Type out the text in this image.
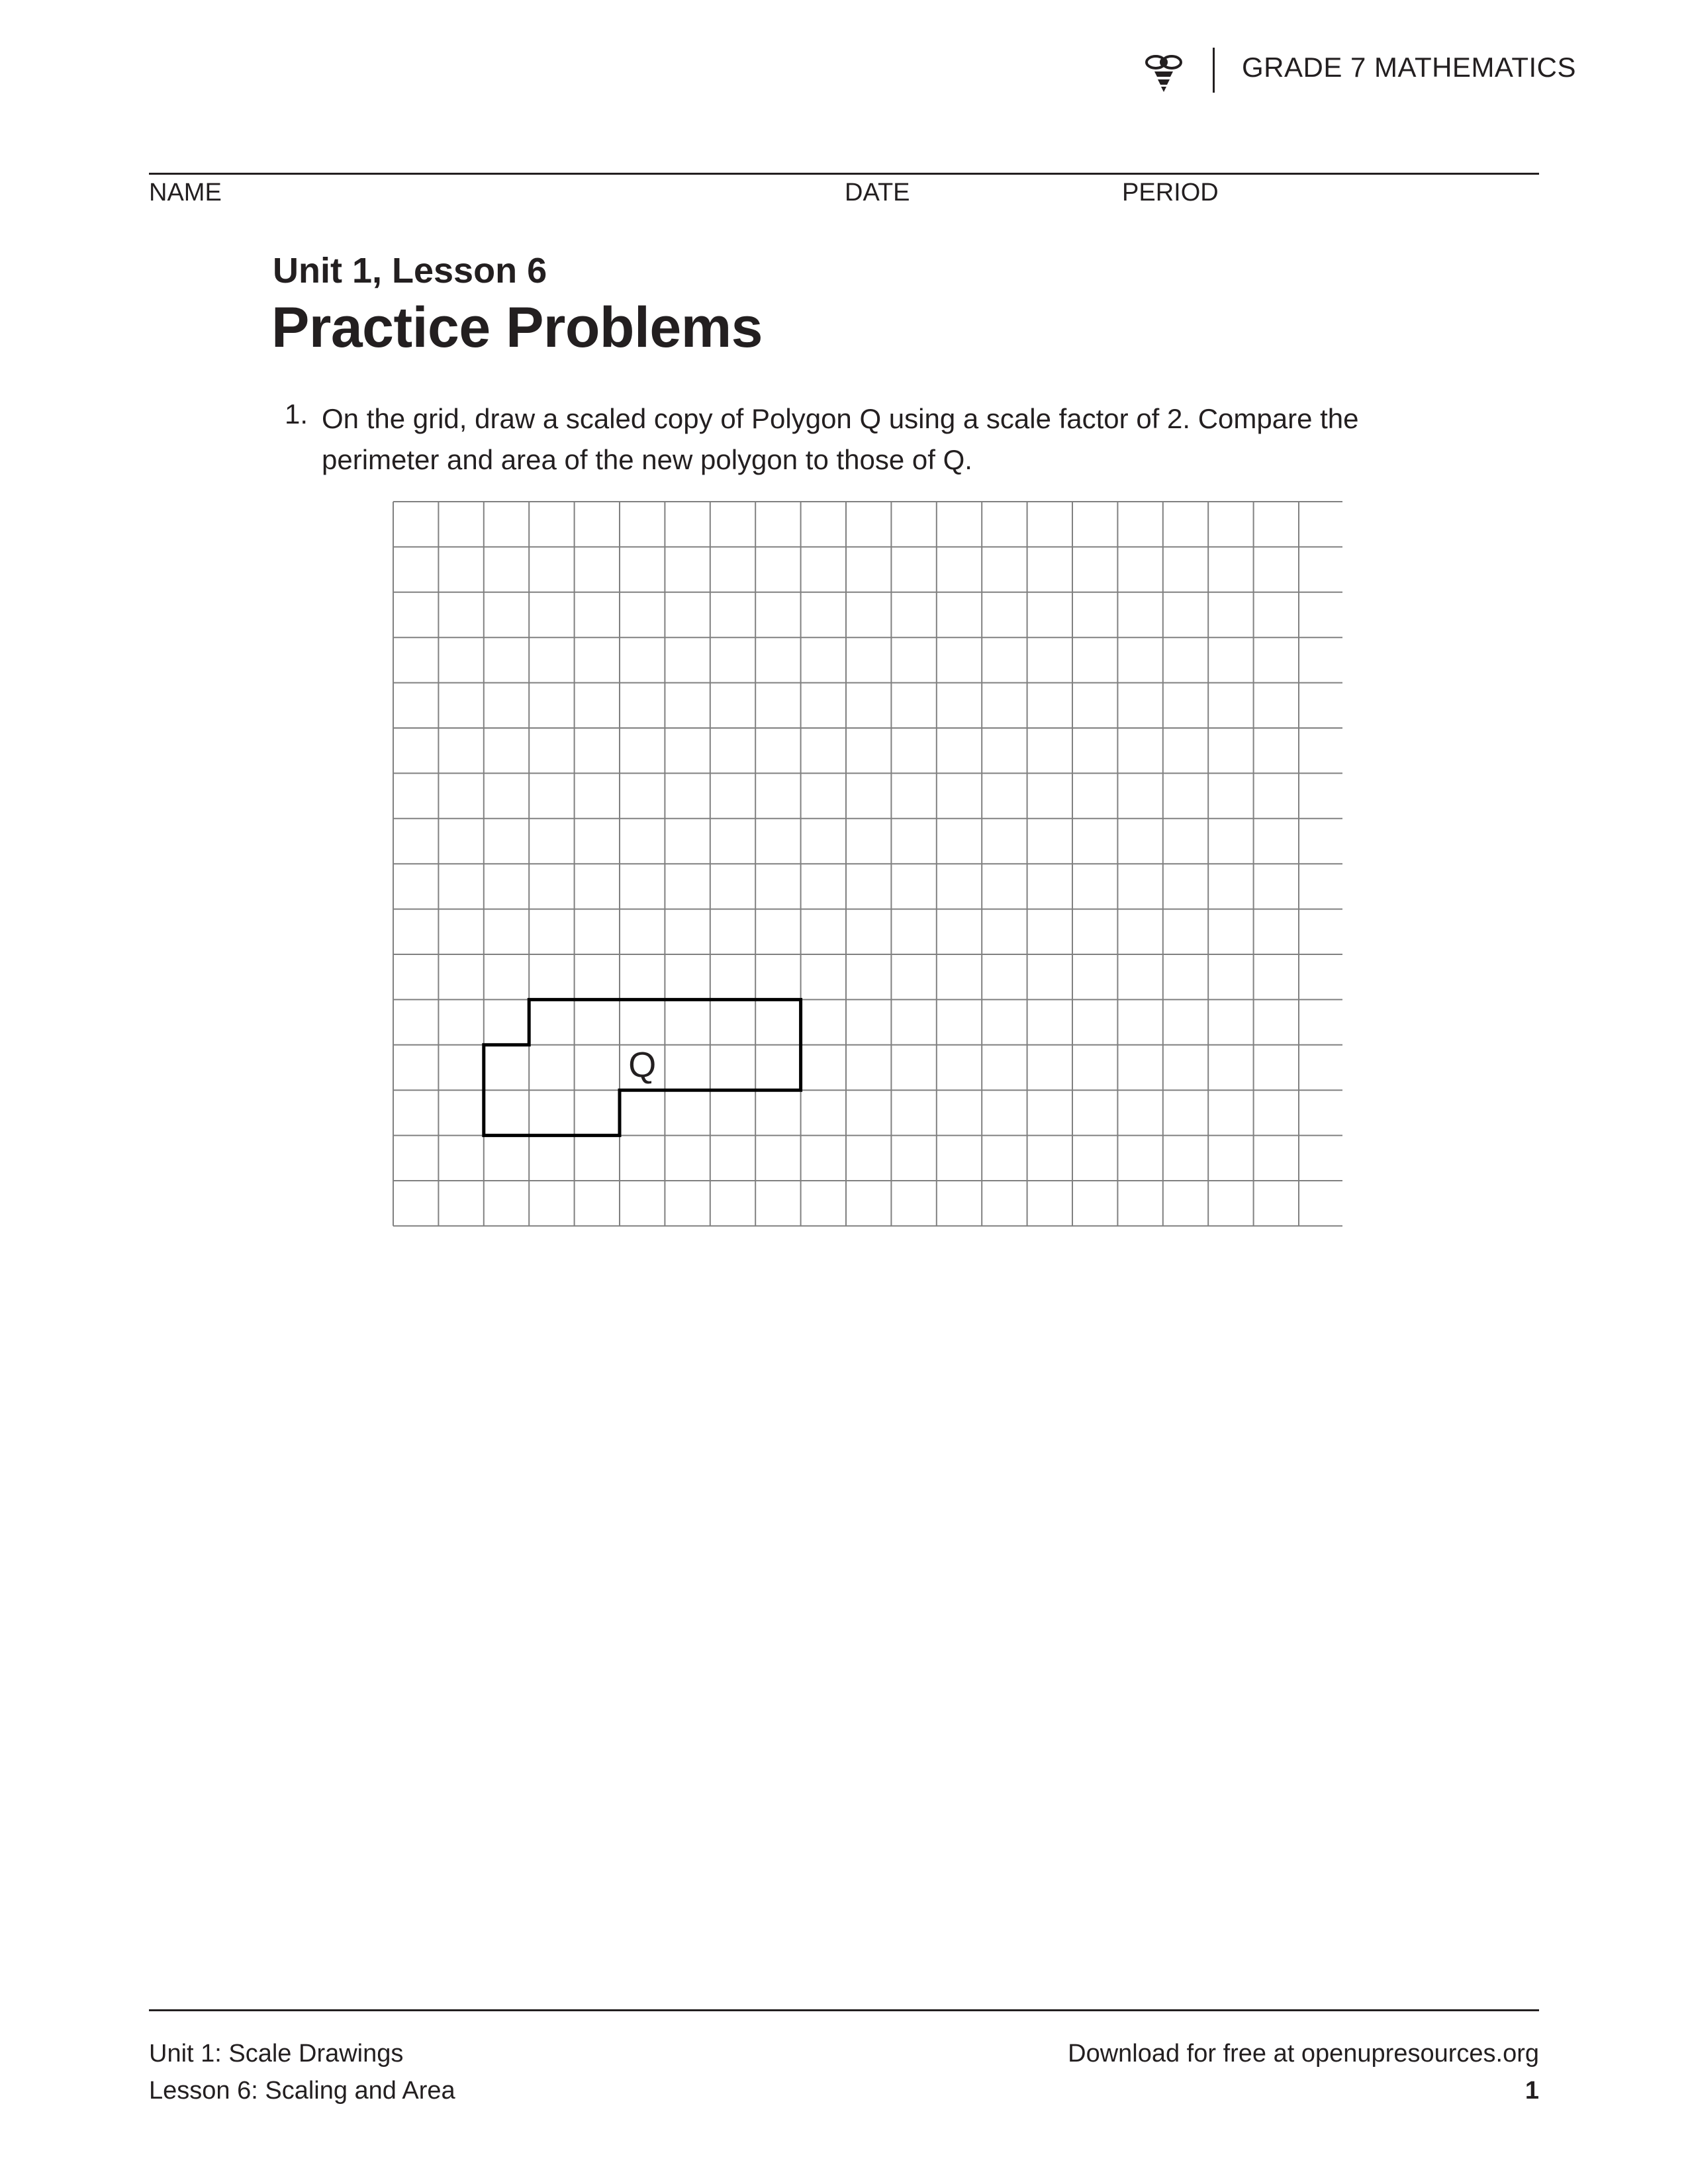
GRADE 7 MATHEMATICS
NAME	DATE	PERIOD
Unit 1, Lesson 6
Practice Problems
1. On the grid, draw a scaled copy of Polygon Q using a scale factor of 2. Compare the perimeter and area of the new polygon to those of Q.
Q
Unit 1: Scale Drawings
Lesson 6: Scaling and Area
Download for free at openupresources.org
1
